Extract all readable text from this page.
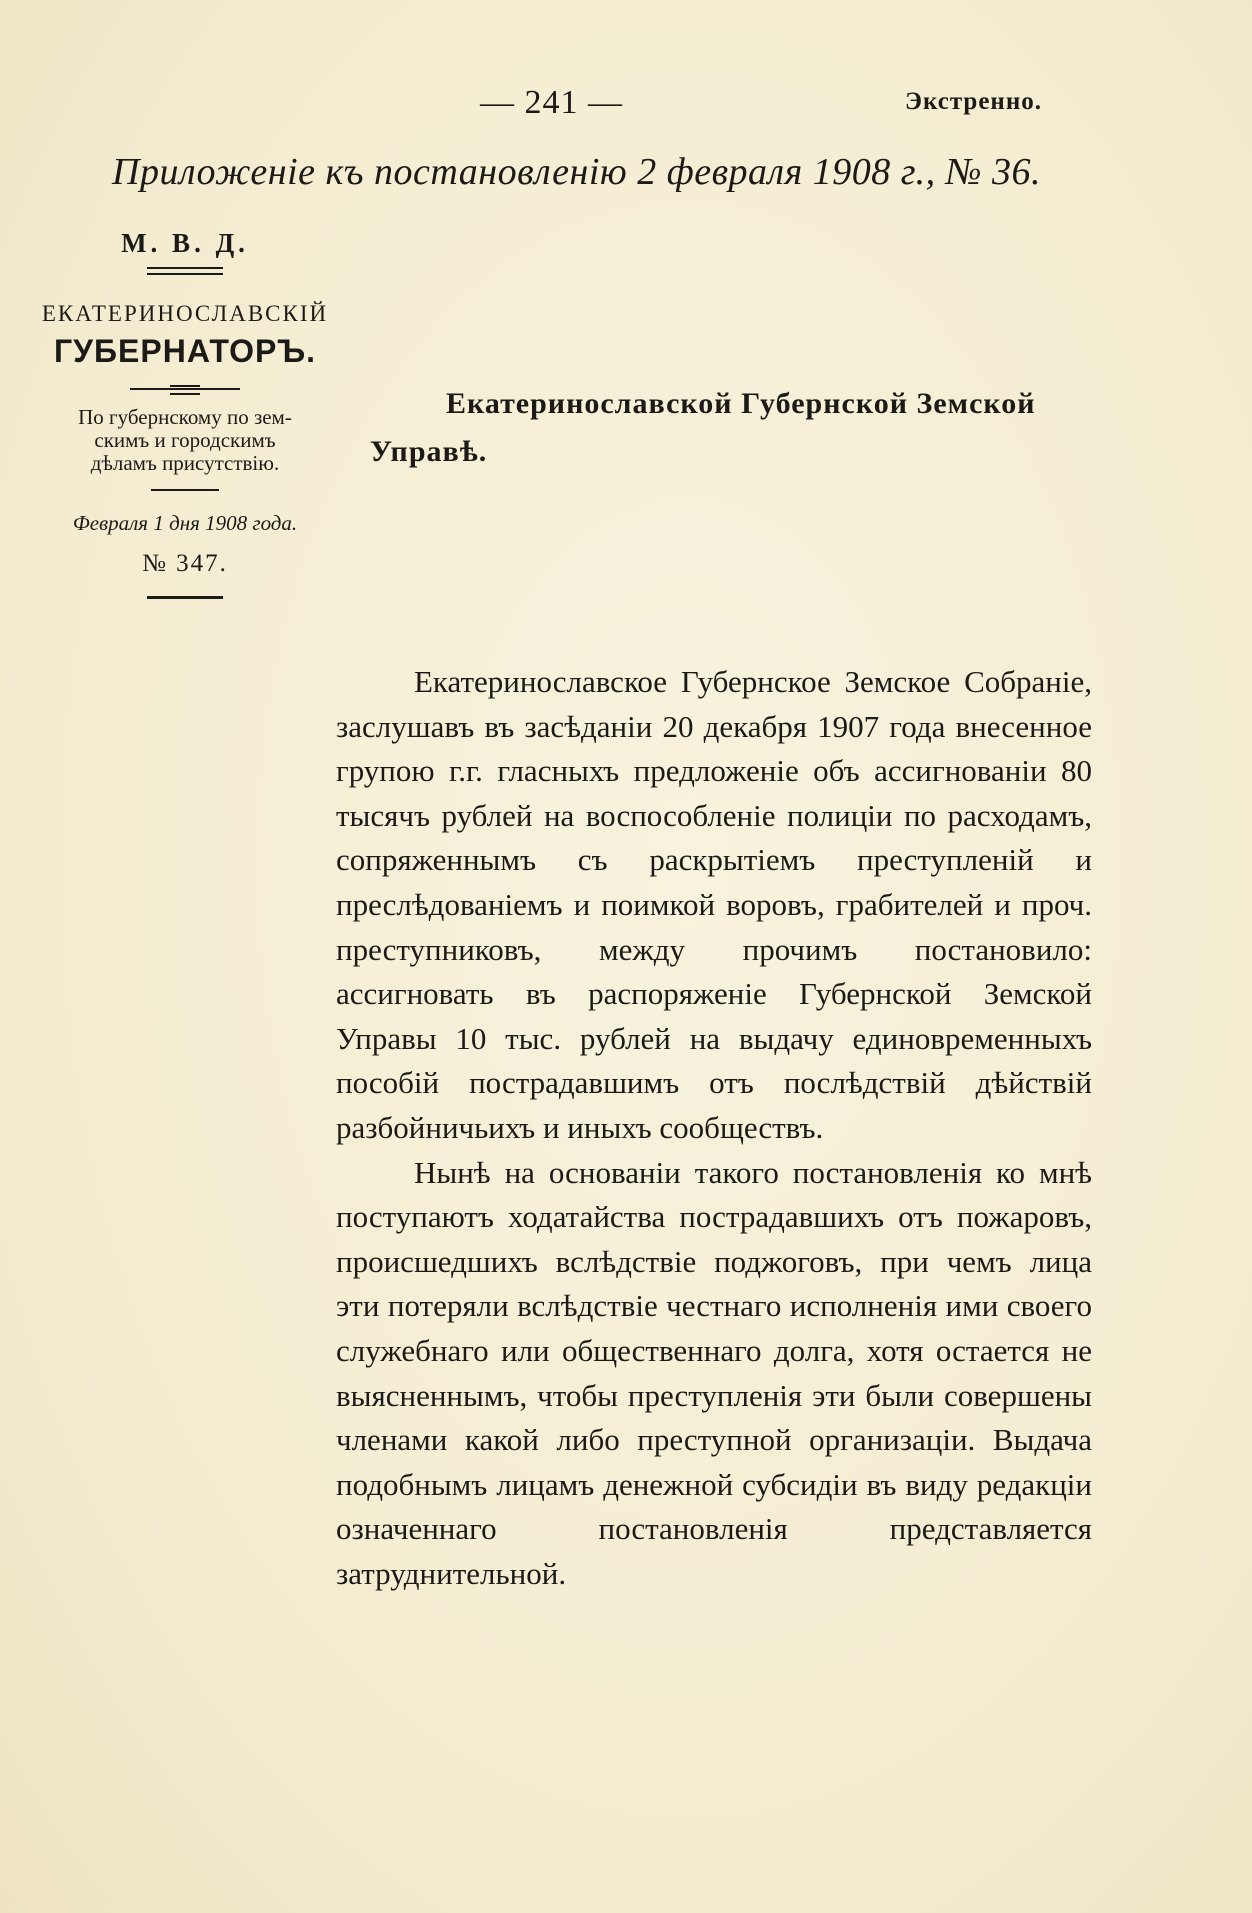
— 241 —	Экстренно.
Приложеніе къ постановленію 2 февраля 1908 г., № 36.
М. В. Д.
ЕКАТЕРИНОСЛАВСКІЙ
ГУБЕРНАТОРЪ.
По губернскому по зем-
скимъ и городскимъ
дѣламъ присутствію.
Февраля 1 дня 1908 года.
№ 347.
Екатеринославской Губернской Земской Управѣ.

Екатеринославское Губернское Земское Собраніе, заслушавъ въ засѣданіи 20 декабря 1907 года внесенное групою г.г. гласныхъ предложеніе объ ассигнованіи 80 тысячъ рублей на воспособленіе полиціи по расходамъ, сопряженнымъ съ раскрытіемъ преступленій и преслѣдованіемъ и поимкой воровъ, грабителей и проч. преступниковъ, между прочимъ постановило: ассигновать въ распоряженіе Губернской Земской Управы 10 тыс. рублей на выдачу единовременныхъ пособій пострадавшимъ отъ послѣдствій дѣйствій разбойничьихъ и иныхъ сообществъ.

Нынѣ на основаніи такого постановленія ко мнѣ поступаютъ ходатайства пострадавшихъ отъ пожаровъ, происшедшихъ вслѣдствіе поджоговъ, при чемъ лица эти потеряли вслѣдствіе честнаго исполненія ими своего служебнаго или общественнаго долга, хотя остается не выясненнымъ, чтобы преступленія эти были совершены членами какой либо преступной организаціи. Выдача подобнымъ лицамъ денежной субсидіи въ виду редакціи означеннаго постановленія представляется затруднительной.
